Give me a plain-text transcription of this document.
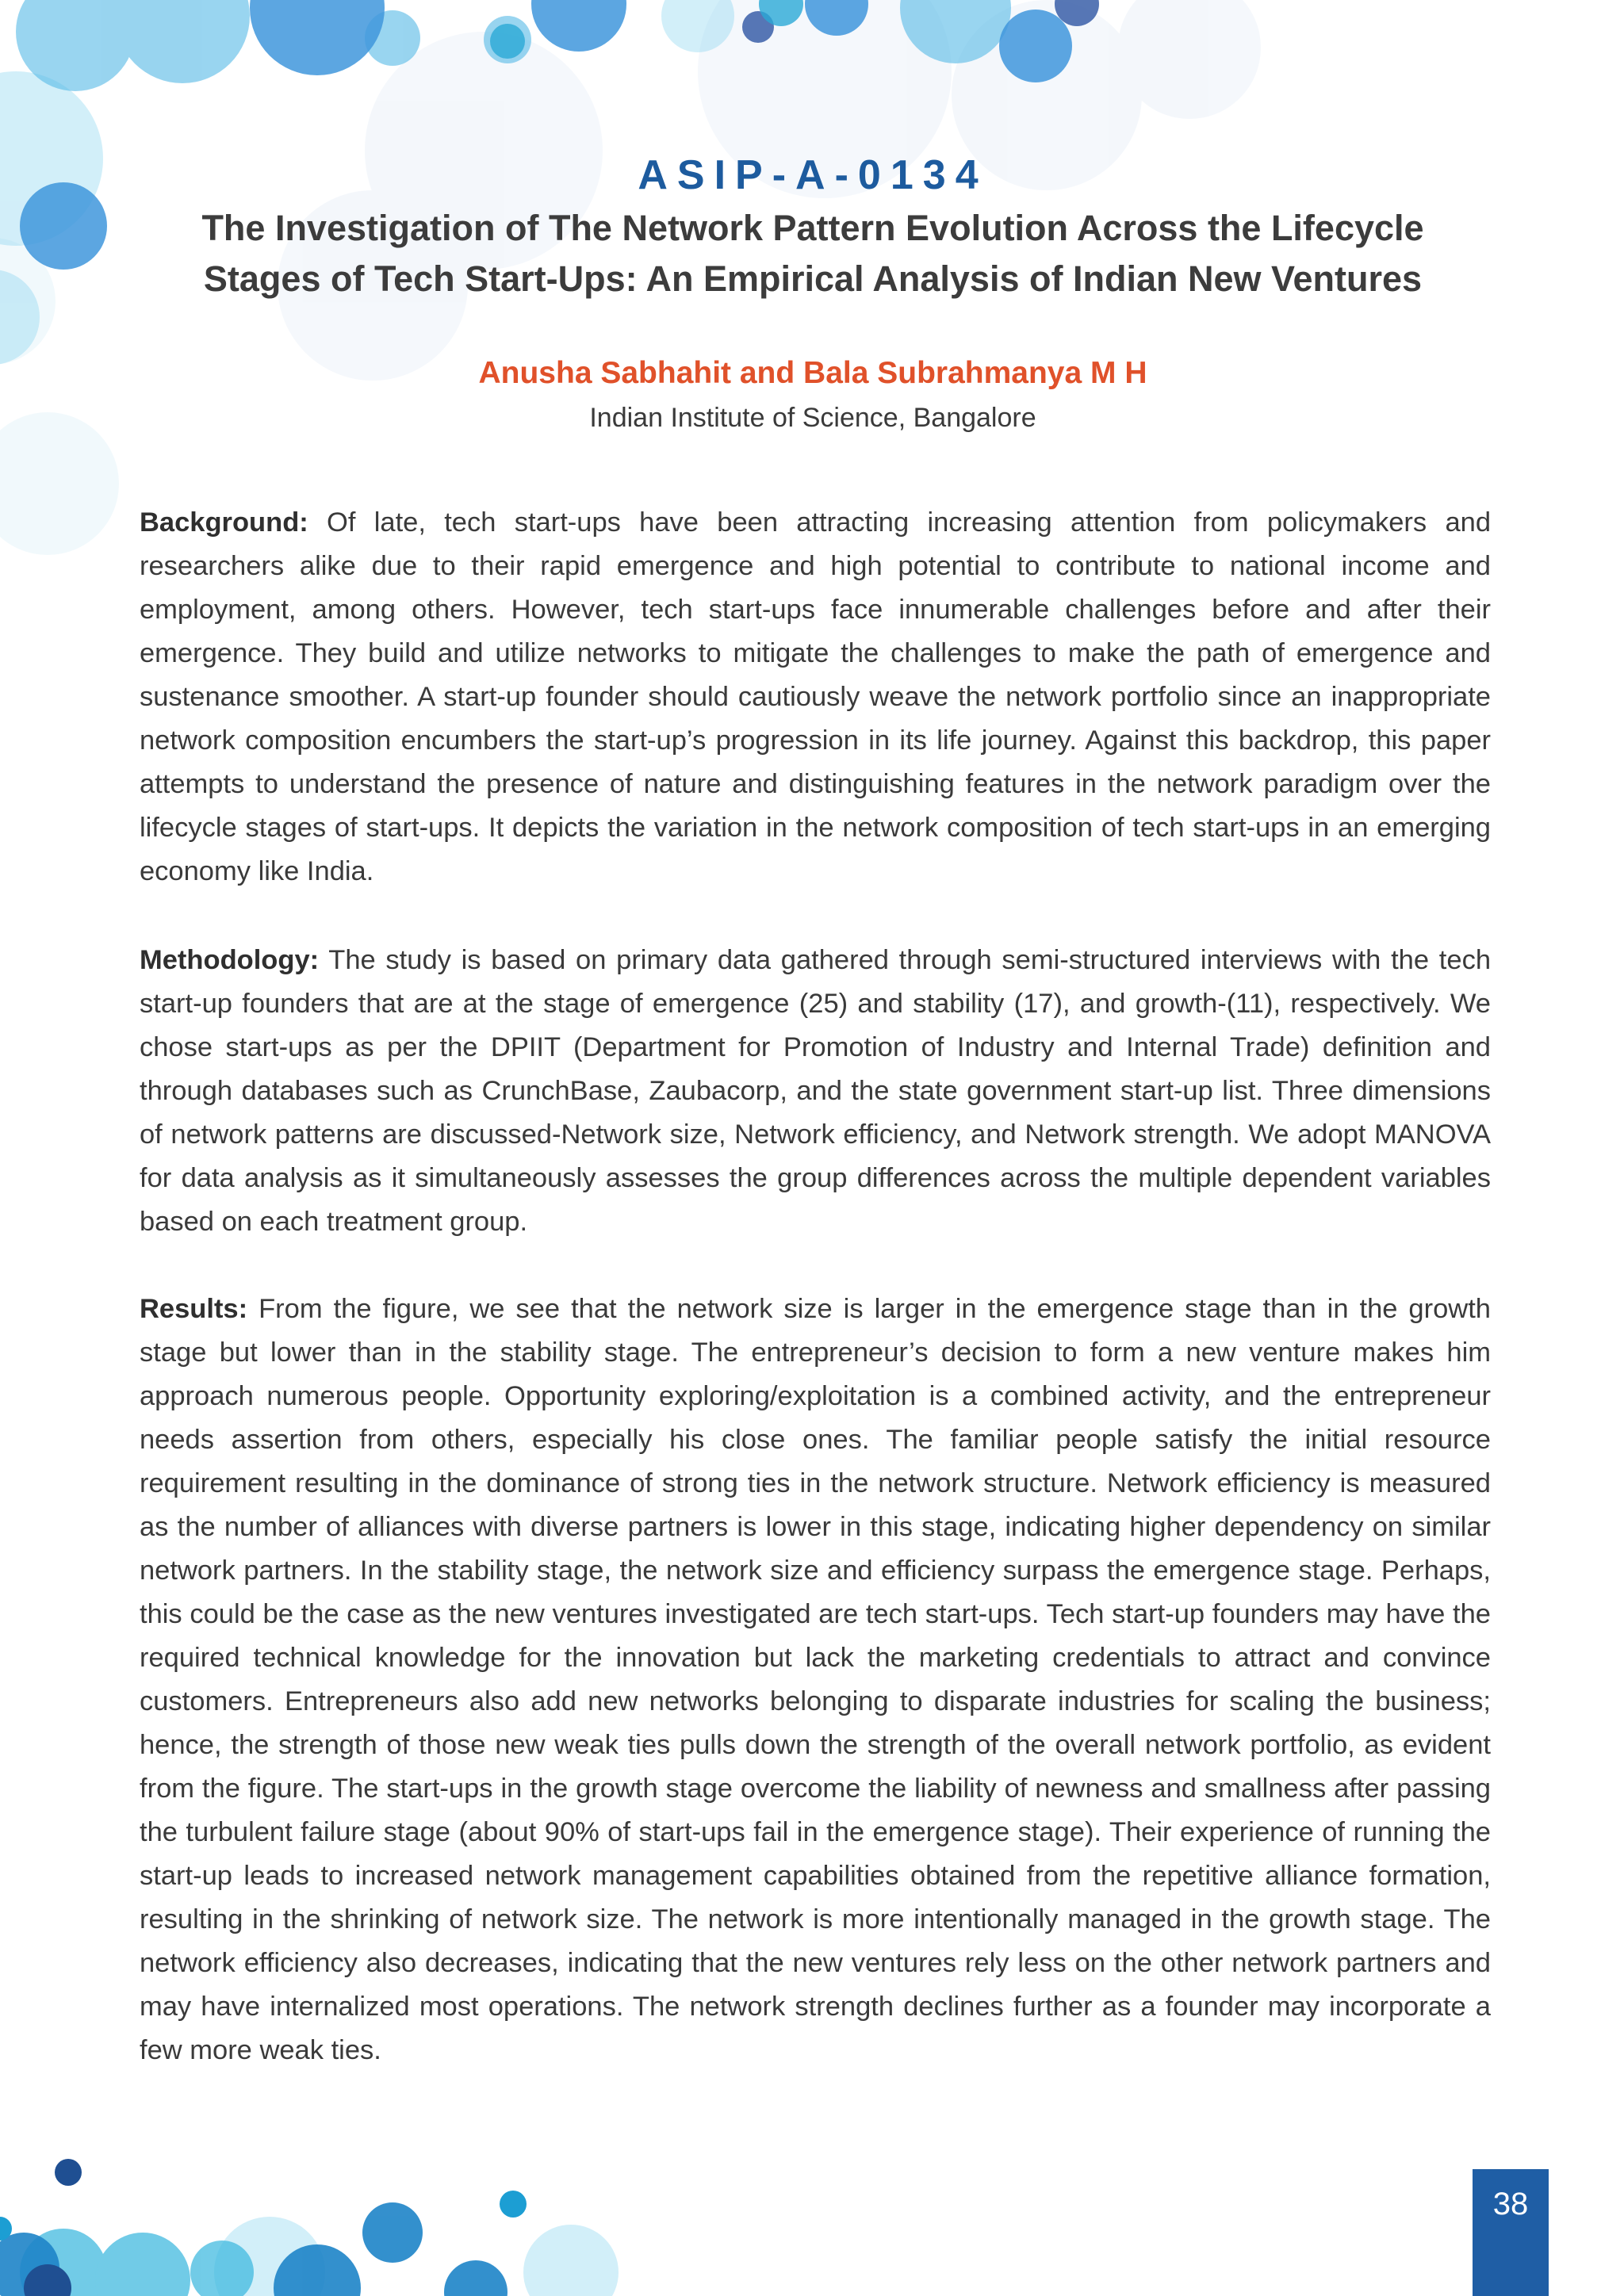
ASIP-A-0134
The Investigation of The Network Pattern Evolution Across the Lifecycle
Stages of Tech Start-Ups: An Empirical Analysis of Indian New Ventures

Anusha Sabhahit and Bala Subrahmanya M H

Indian Institute of Science, Bangalore

Background: Of late, tech start-ups have been attracting increasing attention from policymakers and researchers alike due to their rapid emergence and high potential to contribute to national income and employment, among others. However, tech start-ups face innumerable challenges before and after their emergence. They build and utilize networks to mitigate the challenges to make the path of emergence and sustenance smoother. A start-up founder should cautiously weave the network portfolio since an inappropriate network composition encumbers the start-up’s progression in its life journey. Against this backdrop, this paper attempts to understand the presence of nature and distinguishing features in the network paradigm over the lifecycle stages of start-ups. It depicts the variation in the network composition of tech start-ups in an emerging economy like India.

Methodology: The study is based on primary data gathered through semi-structured interviews with the tech start-up founders that are at the stage of emergence (25) and stability (17), and growth-(11), respectively. We chose start-ups as per the DPIIT (Department for Promotion of Industry and Internal Trade) definition and through databases such as CrunchBase, Zaubacorp, and the state government start-up list. Three dimensions of network patterns are discussed-Network size, Network efficiency, and Network strength. We adopt MANOVA for data analysis as it simultaneously assesses the group differences across the multiple dependent variables based on each treatment group.

Results: From the figure, we see that the network size is larger in the emergence stage than in the growth stage but lower than in the stability stage. The entrepreneur’s decision to form a new venture makes him approach numerous people. Opportunity exploring/exploitation is a combined activity, and the entrepreneur needs assertion from others, especially his close ones. The familiar people satisfy the initial resource requirement resulting in the dominance of strong ties in the network structure. Network efficiency is measured as the number of alliances with diverse partners is lower in this stage, indicating higher dependency on similar network partners. In the stability stage, the network size and efficiency surpass the emergence stage. Perhaps, this could be the case as the new ventures investigated are tech start-ups. Tech start-up founders may have the required technical knowledge for the innovation but lack the marketing credentials to attract and convince customers. Entrepreneurs also add new networks belonging to disparate industries for scaling the business; hence, the strength of those new weak ties pulls down the strength of the overall network portfolio, as evident from the figure. The start-ups in the growth stage overcome the liability of newness and smallness after passing the turbulent failure stage (about 90% of start-ups fail in the emergence stage). Their experience of running the start-up leads to increased network management capabilities obtained from the repetitive alliance formation, resulting in the shrinking of network size. The network is more intentionally managed in the growth stage. The network efficiency also decreases, indicating that the new ventures rely less on the other network partners and may have internalized most operations. The network strength declines further as a founder may incorporate a few more weak ties.

38
